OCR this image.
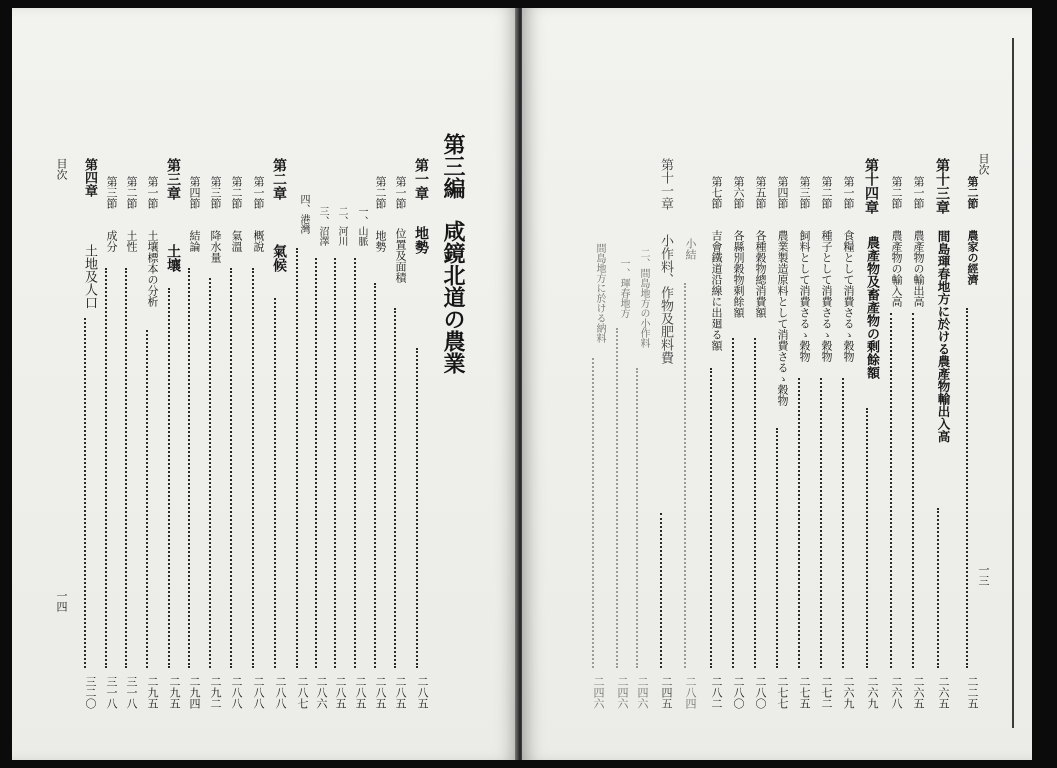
目次
一四
第三編
咸鏡北道の農業
第一章
地勢
二八五
第一節
位置及面積
二八五
第二節
地勢
二八五
一、
山脈
二八五
二、
河川
二八五
三、
沼澤
二八六
四、
港灣
二八七
第二章
氣候
二八八
第一節
概說
二八八
第二節
氣溫
二八八
第三節
降水量
二九二
第四節
結論
二九四
第三章
土壤
二九五
第一節
土壤標本の分析
二九五
第二節
土性
三一八
第三節
成分
三一八
第四章
土地及人口
三二〇
目次
一三
第二節
農家の經濟
二二五
第十三章
間島琿春地方に於ける農產物輸出入高
二六五
第一節
農產物の輸出高
二六五
第二節
農產物の輸入高
二六八
第十四章
農產物及畜產物の剩餘額
二六九
第一節
食糧として消費さるゝ穀物
二六九
第二節
種子として消費さるゝ穀物
二七二
第三節
飼料として消費さるゝ穀物
二七五
第四節
農業製造原料として消費さるゝ穀物
二七七
第五節
各種穀物總消費額
二八〇
第六節
各縣別穀物剩餘額
二八〇
第七節
吉會鐵道沿線に出廻る額
二八二
小結
二八四
第十一章
小作料、作物及肥料費
二四五
二、間島地方の小作料
二四六
一、琿春地方
二四六
間島地方に於ける納料
二四六
